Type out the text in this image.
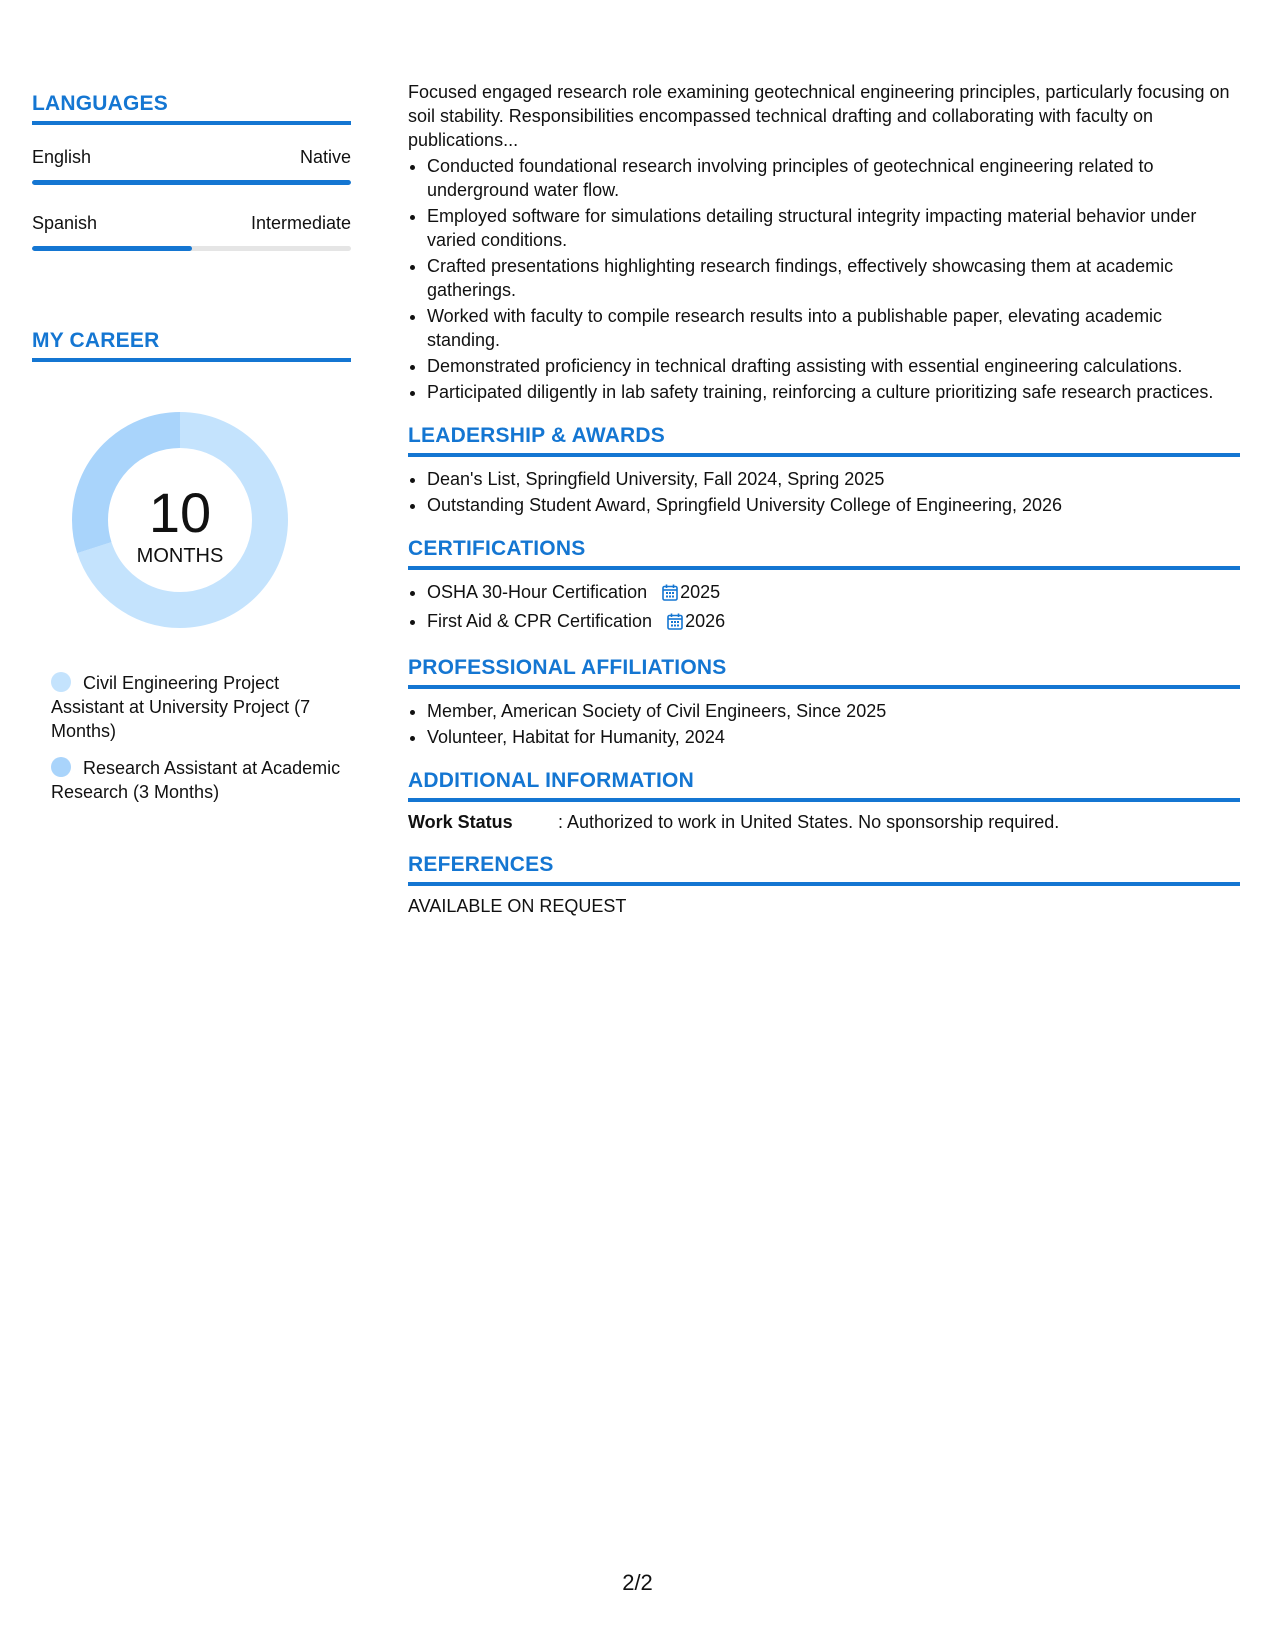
LANGUAGES
English	Native
Spanish	Intermediate
MY CAREER
10
MONTHS
Civil Engineering Project Assistant at University Project (7 Months)
Research Assistant at Academic Research (3 Months)

Focused engaged research role examining geotechnical engineering principles, particularly focusing on soil stability. Responsibilities encompassed technical drafting and collaborating with faculty on publications...

• Conducted foundational research involving principles of geotechnical engineering related to underground water flow.
• Employed software for simulations detailing structural integrity impacting material behavior under varied conditions.
• Crafted presentations highlighting research findings, effectively showcasing them at academic gatherings.
• Worked with faculty to compile research results into a publishable paper, elevating academic standing.
• Demonstrated proficiency in technical drafting assisting with essential engineering calculations.
• Participated diligently in lab safety training, reinforcing a culture prioritizing safe research practices.
LEADERSHIP & AWARDS
• Dean's List, Springfield University, Fall 2024, Spring 2025
• Outstanding Student Award, Springfield University College of Engineering, 2026
CERTIFICATIONS
• OSHA 30-Hour Certification 2025
• First Aid & CPR Certification 2026
PROFESSIONAL AFFILIATIONS
• Member, American Society of Civil Engineers, Since 2025
• Volunteer, Habitat for Humanity, 2024
ADDITIONAL INFORMATION
Work Status	: Authorized to work in United States. No sponsorship required.
REFERENCES
AVAILABLE ON REQUEST
2/2
